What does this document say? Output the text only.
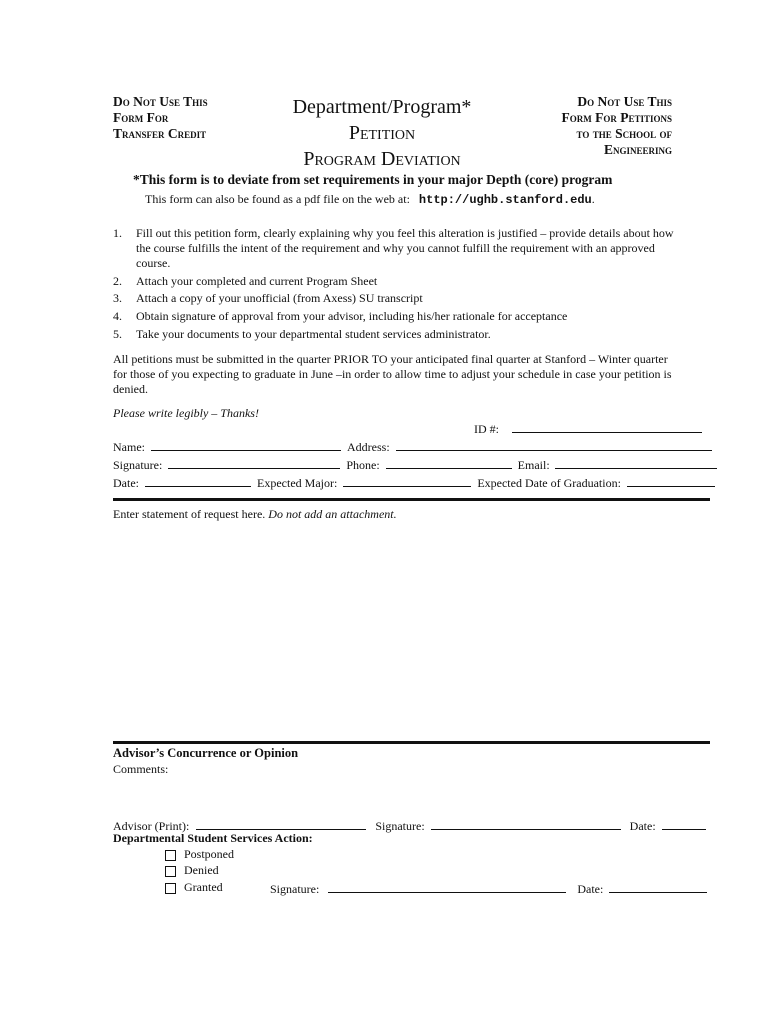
Do Not Use This
Form For
Transfer Credit
Department/Program*
Petition
Program Deviation
Do Not Use This
Form For Petitions
to the School of
Engineering
*This form is to deviate from set requirements in your major Depth (core) program
This form can also be found as a pdf file on the web at: http://ughb.stanford.edu.
1. Fill out this petition form, clearly explaining why you feel this alteration is justified – provide details about how the course fulfills the intent of the requirement and why you cannot fulfill the requirement with an approved course.
2. Attach your completed and current Program Sheet
3. Attach a copy of your unofficial (from Axess) SU transcript
4. Obtain signature of approval from your advisor, including his/her rationale for acceptance
5. Take your documents to your departmental student services administrator.
All petitions must be submitted in the quarter PRIOR TO your anticipated final quarter at Stanford – Winter quarter for those of you expecting to graduate in June –in order to allow time to adjust your schedule in case your petition is denied.
Please write legibly – Thanks!
ID #:
Name:	Address:
Signature:	Phone:	Email:
Date:	Expected Major:	Expected Date of Graduation:
Enter statement of request here. Do not add an attachment.
Advisor’s Concurrence or Opinion
Comments:
Advisor (Print):	Signature:	Date:
Departmental Student Services Action:
Postponed
Denied
Granted	Signature:	Date:
